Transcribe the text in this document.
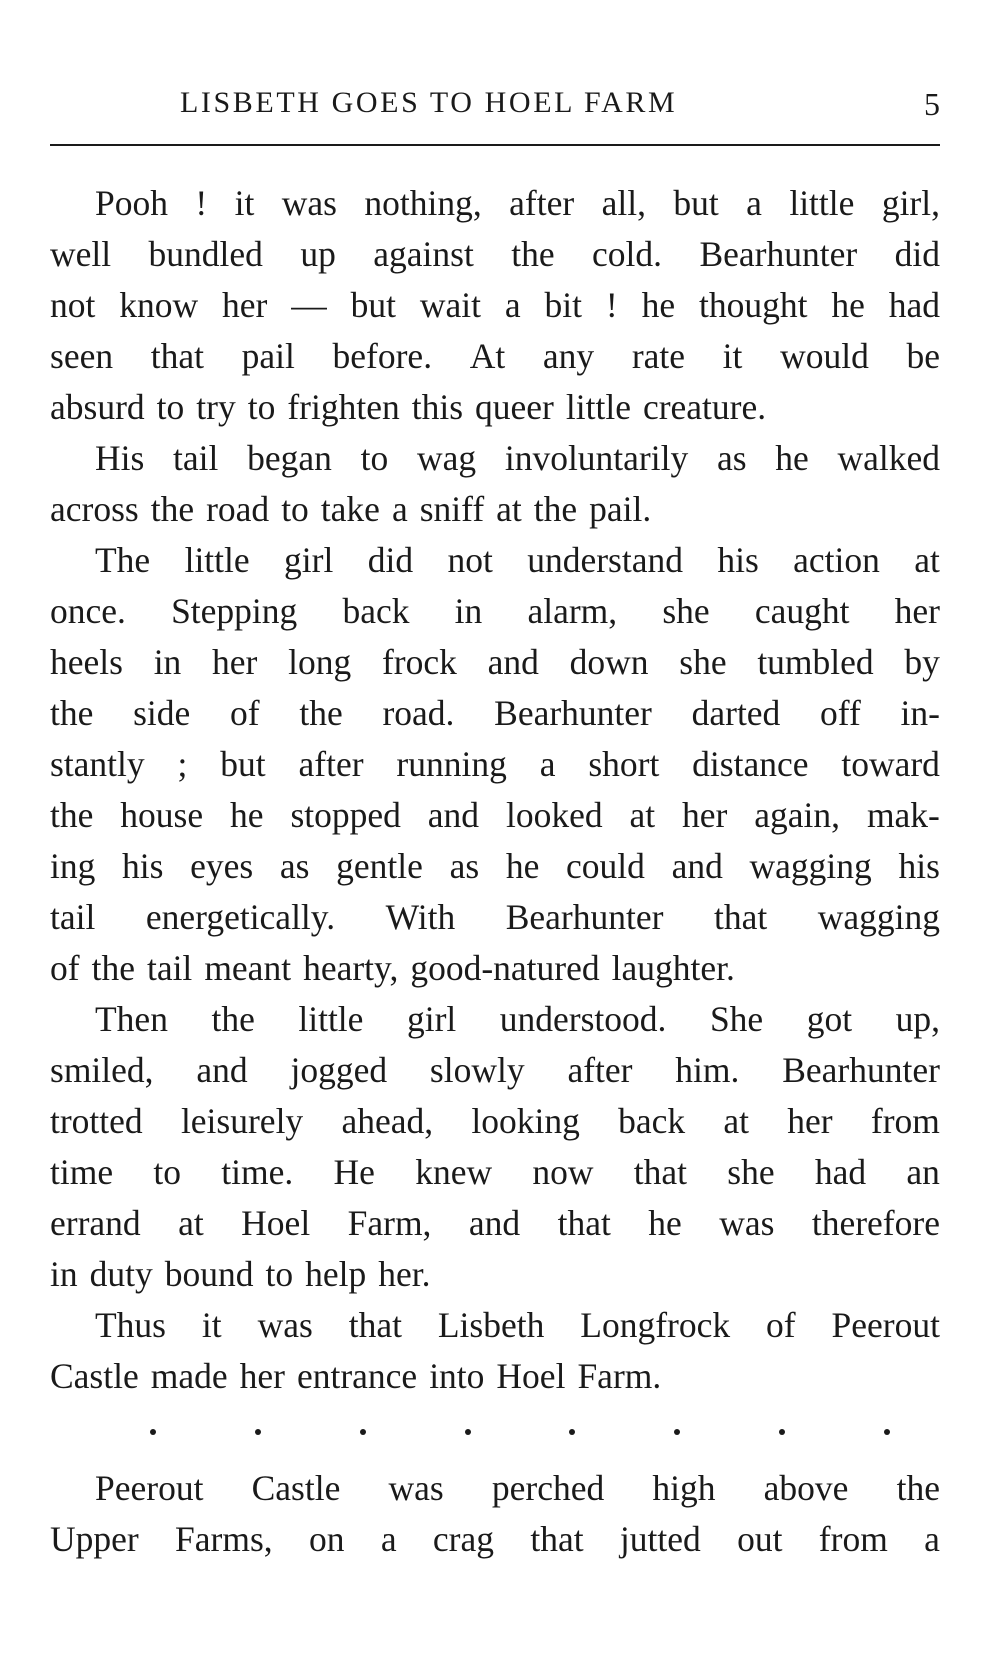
LISBETH GOES TO HOEL FARM	5
Pooh ! it was nothing, after all, but a little girl,
well bundled up against the cold. Bearhunter did
not know her — but wait a bit ! he thought he had
seen that pail before. At any rate it would be
absurd to try to frighten this queer little creature.
His tail began to wag involuntarily as he walked
across the road to take a sniff at the pail.
The little girl did not understand his action at
once. Stepping back in alarm, she caught her
heels in her long frock and down she tumbled by
the side of the road. Bearhunter darted off in-
stantly ; but after running a short distance toward
the house he stopped and looked at her again, mak-
ing his eyes as gentle as he could and wagging his
tail energetically. With Bearhunter that wagging
of the tail meant hearty, good-natured laughter.
Then the little girl understood. She got up,
smiled, and jogged slowly after him. Bearhunter
trotted leisurely ahead, looking back at her from
time to time. He knew now that she had an
errand at Hoel Farm, and that he was therefore
in duty bound to help her.
Thus it was that Lisbeth Longfrock of Peerout
Castle made her entrance into Hoel Farm.
Peerout Castle was perched high above the
Upper Farms, on a crag that jutted out from a
